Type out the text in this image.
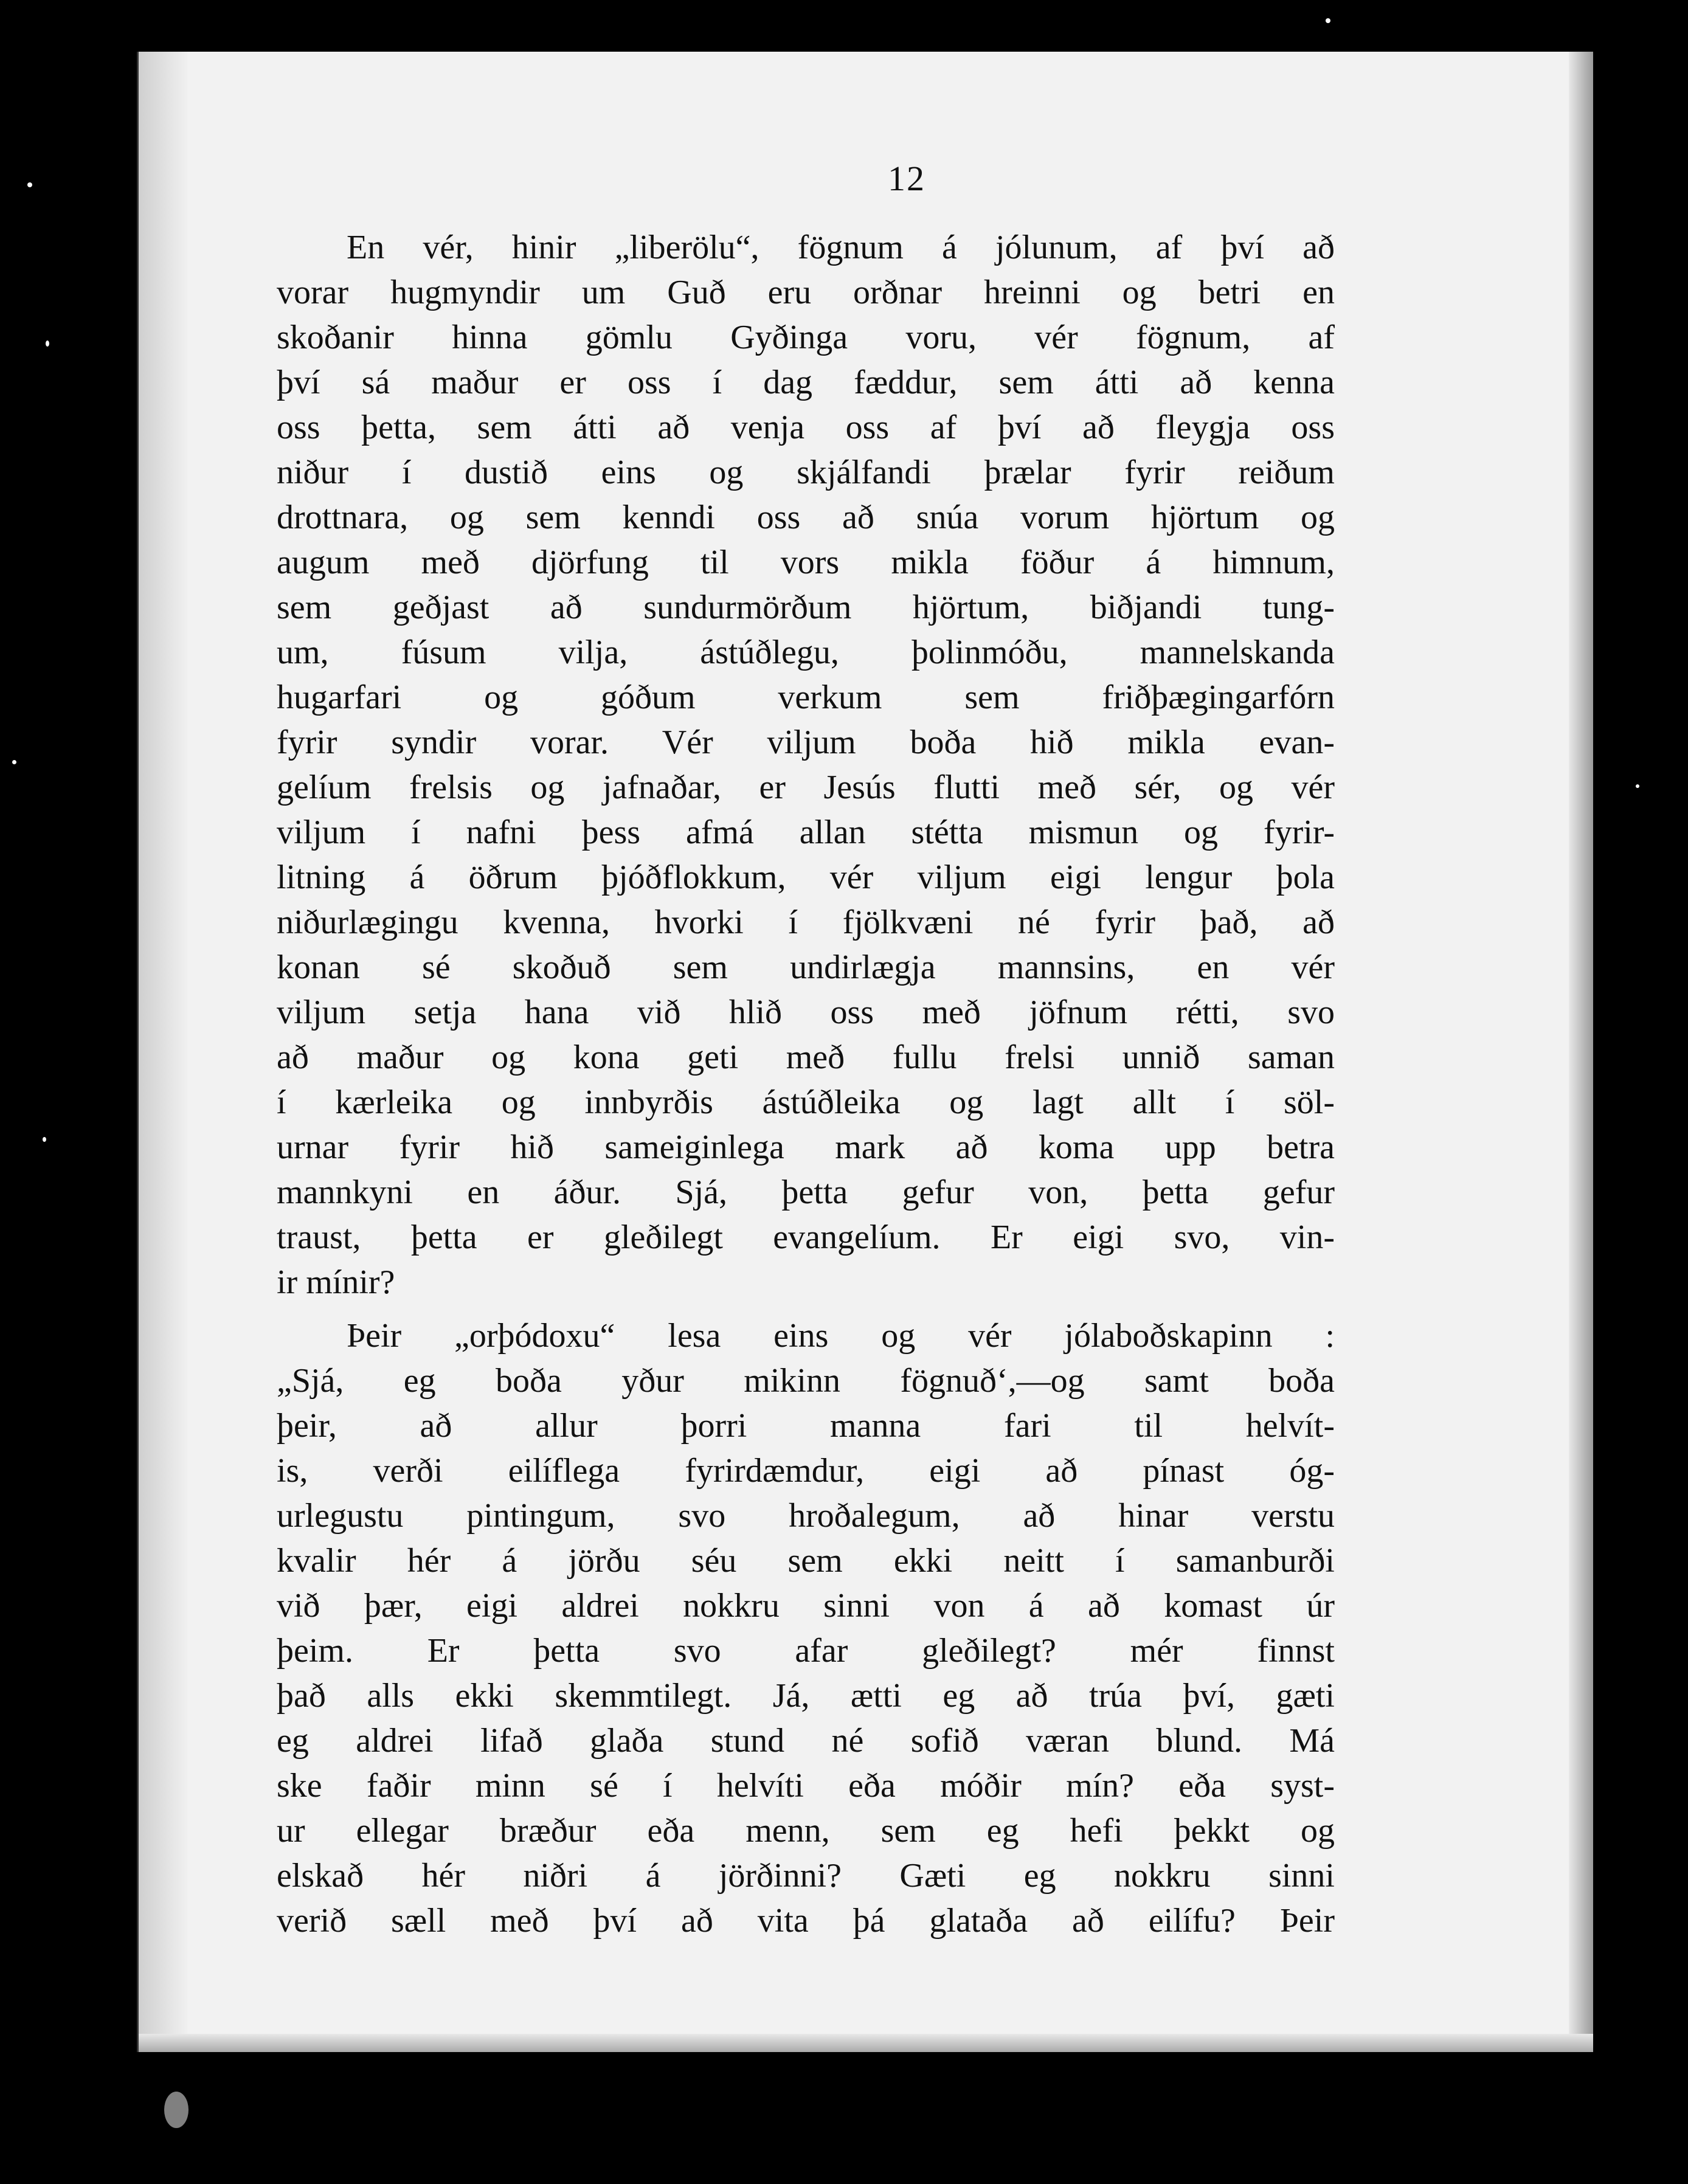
12
En vér, hinir „liberölu“, fögnum á jólunum, af því að
vorar hugmyndir um Guð eru orðnar hreinni og betri en
skoðanir hinna gömlu Gyðinga voru, vér fögnum, af
því sá maður er oss í dag fæddur, sem átti að kenna
oss þetta, sem átti að venja oss af því að fleygja oss
niður í dustið eins og skjálfandi þrælar fyrir reiðum
drottnara, og sem kenndi oss að snúa vorum hjörtum og
augum með djörfung til vors mikla föður á himnum,
sem geðjast að sundurmörðum hjörtum, biðjandi tung-
um, fúsum vilja, ástúðlegu, þolinmóðu, mannelskanda
hugarfari og góðum verkum sem friðþægingarfórn
fyrir syndir vorar. Vér viljum boða hið mikla evan-
gelíum frelsis og jafnaðar, er Jesús flutti með sér, og vér
viljum í nafni þess afmá allan stétta mismun og fyrir-
litning á öðrum þjóðflokkum, vér viljum eigi lengur þola
niðurlægingu kvenna, hvorki í fjölkvæni né fyrir það, að
konan sé skoðuð sem undirlægja mannsins, en vér
viljum setja hana við hlið oss með jöfnum rétti, svo
að maður og kona geti með fullu frelsi unnið saman
í kærleika og innbyrðis ástúðleika og lagt allt í söl-
urnar fyrir hið sameiginlega mark að koma upp betra
mannkyni en áður. Sjá, þetta gefur von, þetta gefur
traust, þetta er gleðilegt evangelíum. Er eigi svo, vin-
ir mínir?
Þeir „orþódoxu“ lesa eins og vér jólaboðskapinn :
„Sjá, eg boða yður mikinn fögnuð‘,—og samt boða
þeir, að allur þorri manna fari til helvít-
is, verði eilíflega fyrirdæmdur, eigi að pínast óg-
urlegustu pintingum, svo hroðalegum, að hinar verstu
kvalir hér á jörðu séu sem ekki neitt í samanburði
við þær, eigi aldrei nokkru sinni von á að komast úr
þeim. Er þetta svo afar gleðilegt? mér finnst
það alls ekki skemmtilegt. Já, ætti eg að trúa því, gæti
eg aldrei lifað glaða stund né sofið væran blund. Má
ske faðir minn sé í helvíti eða móðir mín? eða syst-
ur ellegar bræður eða menn, sem eg hefi þekkt og
elskað hér niðri á jörðinni? Gæti eg nokkru sinni
verið sæll með því að vita þá glataða að eilífu? Þeir
